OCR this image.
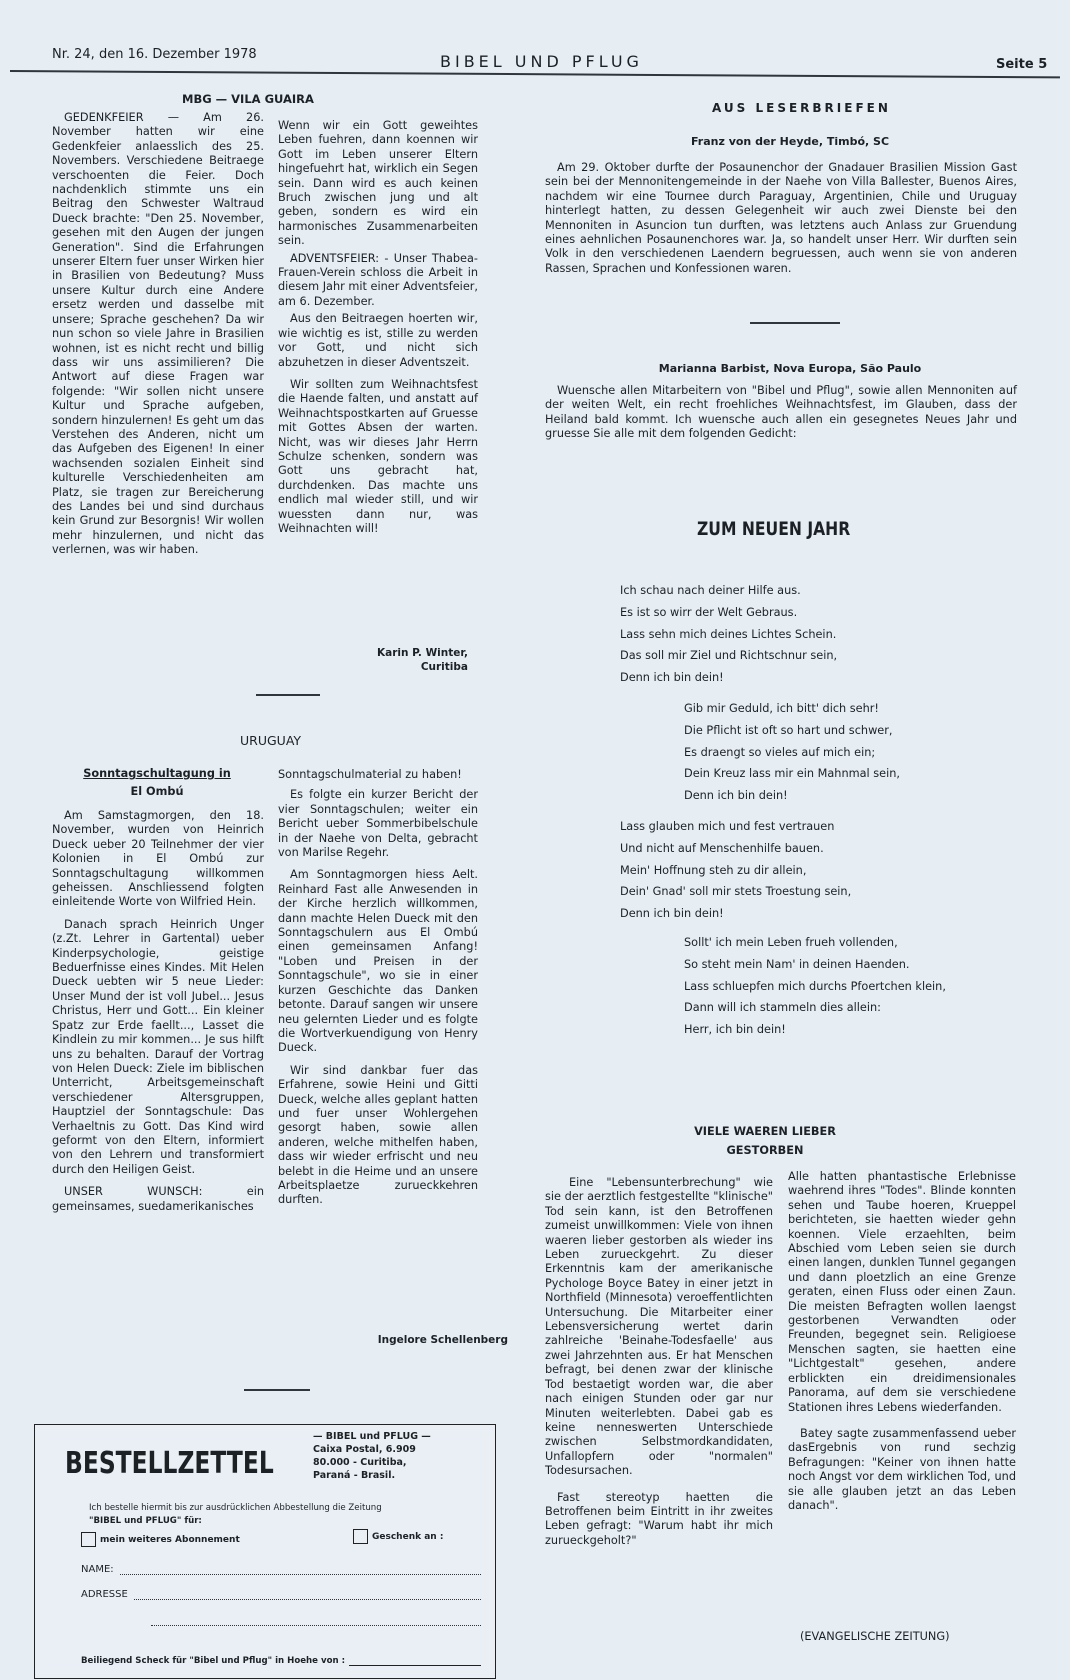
Nr. 24, den 16. Dezember 1978	BIBEL UND PFLUG	Seite 5
MBG — VILA GUAIRA

GEDENKFEIER — Am 26. November hatten wir eine Gedenkfeier anlaesslich des 25. Novembers. Verschiedene Beitraege verschoenten die Feier. Doch nachdenklich stimmte uns ein Beitrag den Schwester Waltraud Dueck brachte: "Den 25. November, gesehen mit den Augen der jungen Generation". Sind die Erfahrungen unserer Eltern fuer unser Wirken hier in Brasilien von Bedeutung? Muss unsere Kultur durch eine Andere ersetz werden und dasselbe mit unsere; Sprache geschehen? Da wir nun schon so viele Jahre in Brasilien wohnen, ist es nicht recht und billig dass wir uns assimilieren? Die Antwort auf diese Fragen war folgende: "Wir sollen nicht unsere Kultur und Sprache aufgeben, sondern hinzulernen! Es geht um das Verstehen des Anderen, nicht um das Aufgeben des Eigenen! In einer wachsenden sozialen Einheit sind kulturelle Verschiedenheiten am Platz, sie tragen zur Bereicherung des Landes bei und sind durchaus kein Grund zur Besorgnis! Wir wollen mehr hinzulernen, und nicht das verlernen, was wir haben.

Wenn wir ein Gott geweihtes Leben fuehren, dann koennen wir Gott im Leben unserer Eltern hingefuehrt hat, wirklich ein Segen sein. Dann wird es auch keinen Bruch zwischen jung und alt geben, sondern es wird ein harmonisches Zusammenarbeiten sein.

ADVENTSFEIER: - Unser Thabea-Frauen-Verein schloss die Arbeit in diesem Jahr mit einer Adventsfeier, am 6. Dezember.

Aus den Beitraegen hoerten wir, wie wichtig es ist, stille zu werden vor Gott, und nicht sich abzuhetzen in dieser Adventszeit.

Wir sollten zum Weihnachtsfest die Haende falten, und anstatt auf Weihnachtspostkarten auf Gruesse mit Gottes Absen der warten. Nicht, was wir dieses Jahr Herrn Schulze schenken, sondern was Gott uns gebracht hat, durchdenken. Das machte uns endlich mal wieder still, und wir wuessten dann nur, was Weihnachten will!

Karin P. Winter,
Curitiba
URUGUAY
Sonntagschultagung in
El Ombú

Am Samstagmorgen, den 18. November, wurden von Heinrich Dueck ueber 20 Teilnehmer der vier Kolonien in El Ombú zur Sonntagschultagung willkommen geheissen. Anschliessend folgten einleitende Worte von Wilfried Hein.

Danach sprach Heinrich Unger (z.Zt. Lehrer in Gartental) ueber Kinderpsychologie, geistige Beduerfnisse eines Kindes. Mit Helen Dueck uebten wir 5 neue Lieder: Unser Mund der ist voll Jubel... Jesus Christus, Herr und Gott... Ein kleiner Spatz zur Erde faellt..., Lasset die Kindlein zu mir kommen... Je sus hilft uns zu behalten. Darauf der Vortrag von Helen Dueck: Ziele im biblischen Unterricht, Arbeitsgemeinschaft verschiedener Altersgruppen, Hauptziel der Sonntagschule: Das Verhaeltnis zu Gott. Das Kind wird geformt von den Eltern, informiert von den Lehrern und transformiert durch den Heiligen Geist.

UNSER WUNSCH: ein gemeinsames, suedamerikanisches

Sonntagschulmaterial zu haben!

Es folgte ein kurzer Bericht der vier Sonntagschulen; weiter ein Bericht ueber Sommerbibelschule in der Naehe von Delta, gebracht von Marilse Regehr.

Am Sonntagmorgen hiess Aelt. Reinhard Fast alle Anwesenden in der Kirche herzlich willkommen, dann machte Helen Dueck mit den Sonntagschulern aus El Ombú einen gemeinsamen Anfang! "Loben und Preisen in der Sonntagschule", wo sie in einer kurzen Geschichte das Danken betonte. Darauf sangen wir unsere neu gelernten Lieder und es folgte die Wortverkuendigung von Henry Dueck.

Wir sind dankbar fuer das Erfahrene, sowie Heini und Gitti Dueck, welche alles geplant hatten und fuer unser Wohlergehen gesorgt haben, sowie allen anderen, welche mithelfen haben, dass wir wieder erfrischt und neu belebt in die Heime und an unsere Arbeitsplaetze zurueckkehren durften.

Ingelore Schellenberg
BESTELLZETTEL
— BIBEL und PFLUG —
Caixa Postal, 6.909
80.000 - Curitiba,
Paraná - Brasil.
Ich bestelle hiermit bis zur ausdrücklichen Abbestellung die Zeitung
"BIBEL und PFLUG" für:
mein weiteres Abonnement	Geschenk an :
NAME:
ADRESSE
Beiliegend Scheck für "Bibel und Pflug" in Hoehe von :
AUS LESERBRIEFEN
Franz von der Heyde, Timbó, SC

Am 29. Oktober durfte der Posaunenchor der Gnadauer Brasilien Mission Gast sein bei der Mennonitengemeinde in der Naehe von Villa Ballester, Buenos Aires, nachdem wir eine Tournee durch Paraguay, Argentinien, Chile und Uruguay hinterlegt hatten, zu dessen Gelegenheit wir auch zwei Dienste bei den Mennoniten in Asuncion tun durften, was letztens auch Anlass zur Gruendung eines aehnlichen Posaunenchores war. Ja, so handelt unser Herr. Wir durften sein Volk in den verschiedenen Laendern begruessen, auch wenn sie von anderen Rassen, Sprachen und Konfessionen waren.

Marianna Barbist, Nova Europa, São Paulo

Wuensche allen Mitarbeitern von "Bibel und Pflug", sowie allen Mennoniten auf der weiten Welt, ein recht froehliches Weihnachtsfest, im Glauben, dass der Heiland bald kommt. Ich wuensche auch allen ein gesegnetes Neues Jahr und gruesse Sie alle mit dem folgenden Gedicht:

ZUM NEUEN JAHR
Ich schau nach deiner Hilfe aus.
Es ist so wirr der Welt Gebraus.
Lass sehn mich deines Lichtes Schein.
Das soll mir Ziel und Richtschnur sein,
Denn ich bin dein!
Gib mir Geduld, ich bitt' dich sehr!
Die Pflicht ist oft so hart und schwer,
Es draengt so vieles auf mich ein;
Dein Kreuz lass mir ein Mahnmal sein,
Denn ich bin dein!
Lass glauben mich und fest vertrauen
Und nicht auf Menschenhilfe bauen.
Mein' Hoffnung steh zu dir allein,
Dein' Gnad' soll mir stets Troestung sein,
Denn ich bin dein!
Sollt' ich mein Leben frueh vollenden,
So steht mein Nam' in deinen Haenden.
Lass schluepfen mich durchs Pfoertchen klein,
Dann will ich stammeln dies allein:
Herr, ich bin dein!
VIELE WAEREN LIEBER
GESTORBEN

Eine "Lebensunterbrechung" wie sie der aerztlich festgestellte "klinische" Tod sein kann, ist den Betroffenen zumeist unwillkommen: Viele von ihnen waeren lieber gestorben als wieder ins Leben zurueckgehrt. Zu dieser Erkenntnis kam der amerikanische Pychologe Boyce Batey in einer jetzt in Northfield (Minnesota) veroeffentlichten Untersuchung. Die Mitarbeiter einer Lebensversicherung wertet darin zahlreiche 'Beinahe-Todesfaelle' aus zwei Jahrzehnten aus. Er hat Menschen befragt, bei denen zwar der klinische Tod bestaetigt worden war, die aber nach einigen Stunden oder gar nur Minuten weiterlebten. Dabei gab es keine nenneswerten Unterschiede zwischen Selbstmordkandidaten, Unfallopfern oder "normalen" Todesursachen.

Fast stereotyp haetten die Betroffenen beim Eintritt in ihr zweites Leben gefragt: "Warum habt ihr mich zurueckgeholt?"

Alle hatten phantastische Erlebnisse waehrend ihres "Todes". Blinde konnten sehen und Taube hoeren, Krueppel berichteten, sie haetten wieder gehn koennen. Viele erzaehlten, beim Abschied vom Leben seien sie durch einen langen, dunklen Tunnel gegangen und dann ploetzlich an eine Grenze geraten, einen Fluss oder einen Zaun. Die meisten Befragten wollen laengst gestorbenen Verwandten oder Freunden, begegnet sein. Religioese Menschen sagten, sie haetten eine "Lichtgestalt" gesehen, andere erblickten ein dreidimensionales Panorama, auf dem sie verschiedene Stationen ihres Lebens wiederfanden.

Batey sagte zusammenfassend ueber dasErgebnis von rund sechzig Befragungen: "Keiner von ihnen hatte noch Angst vor dem wirklichen Tod, und sie alle glauben jetzt an das Leben danach".

(EVANGELISCHE ZEITUNG)
